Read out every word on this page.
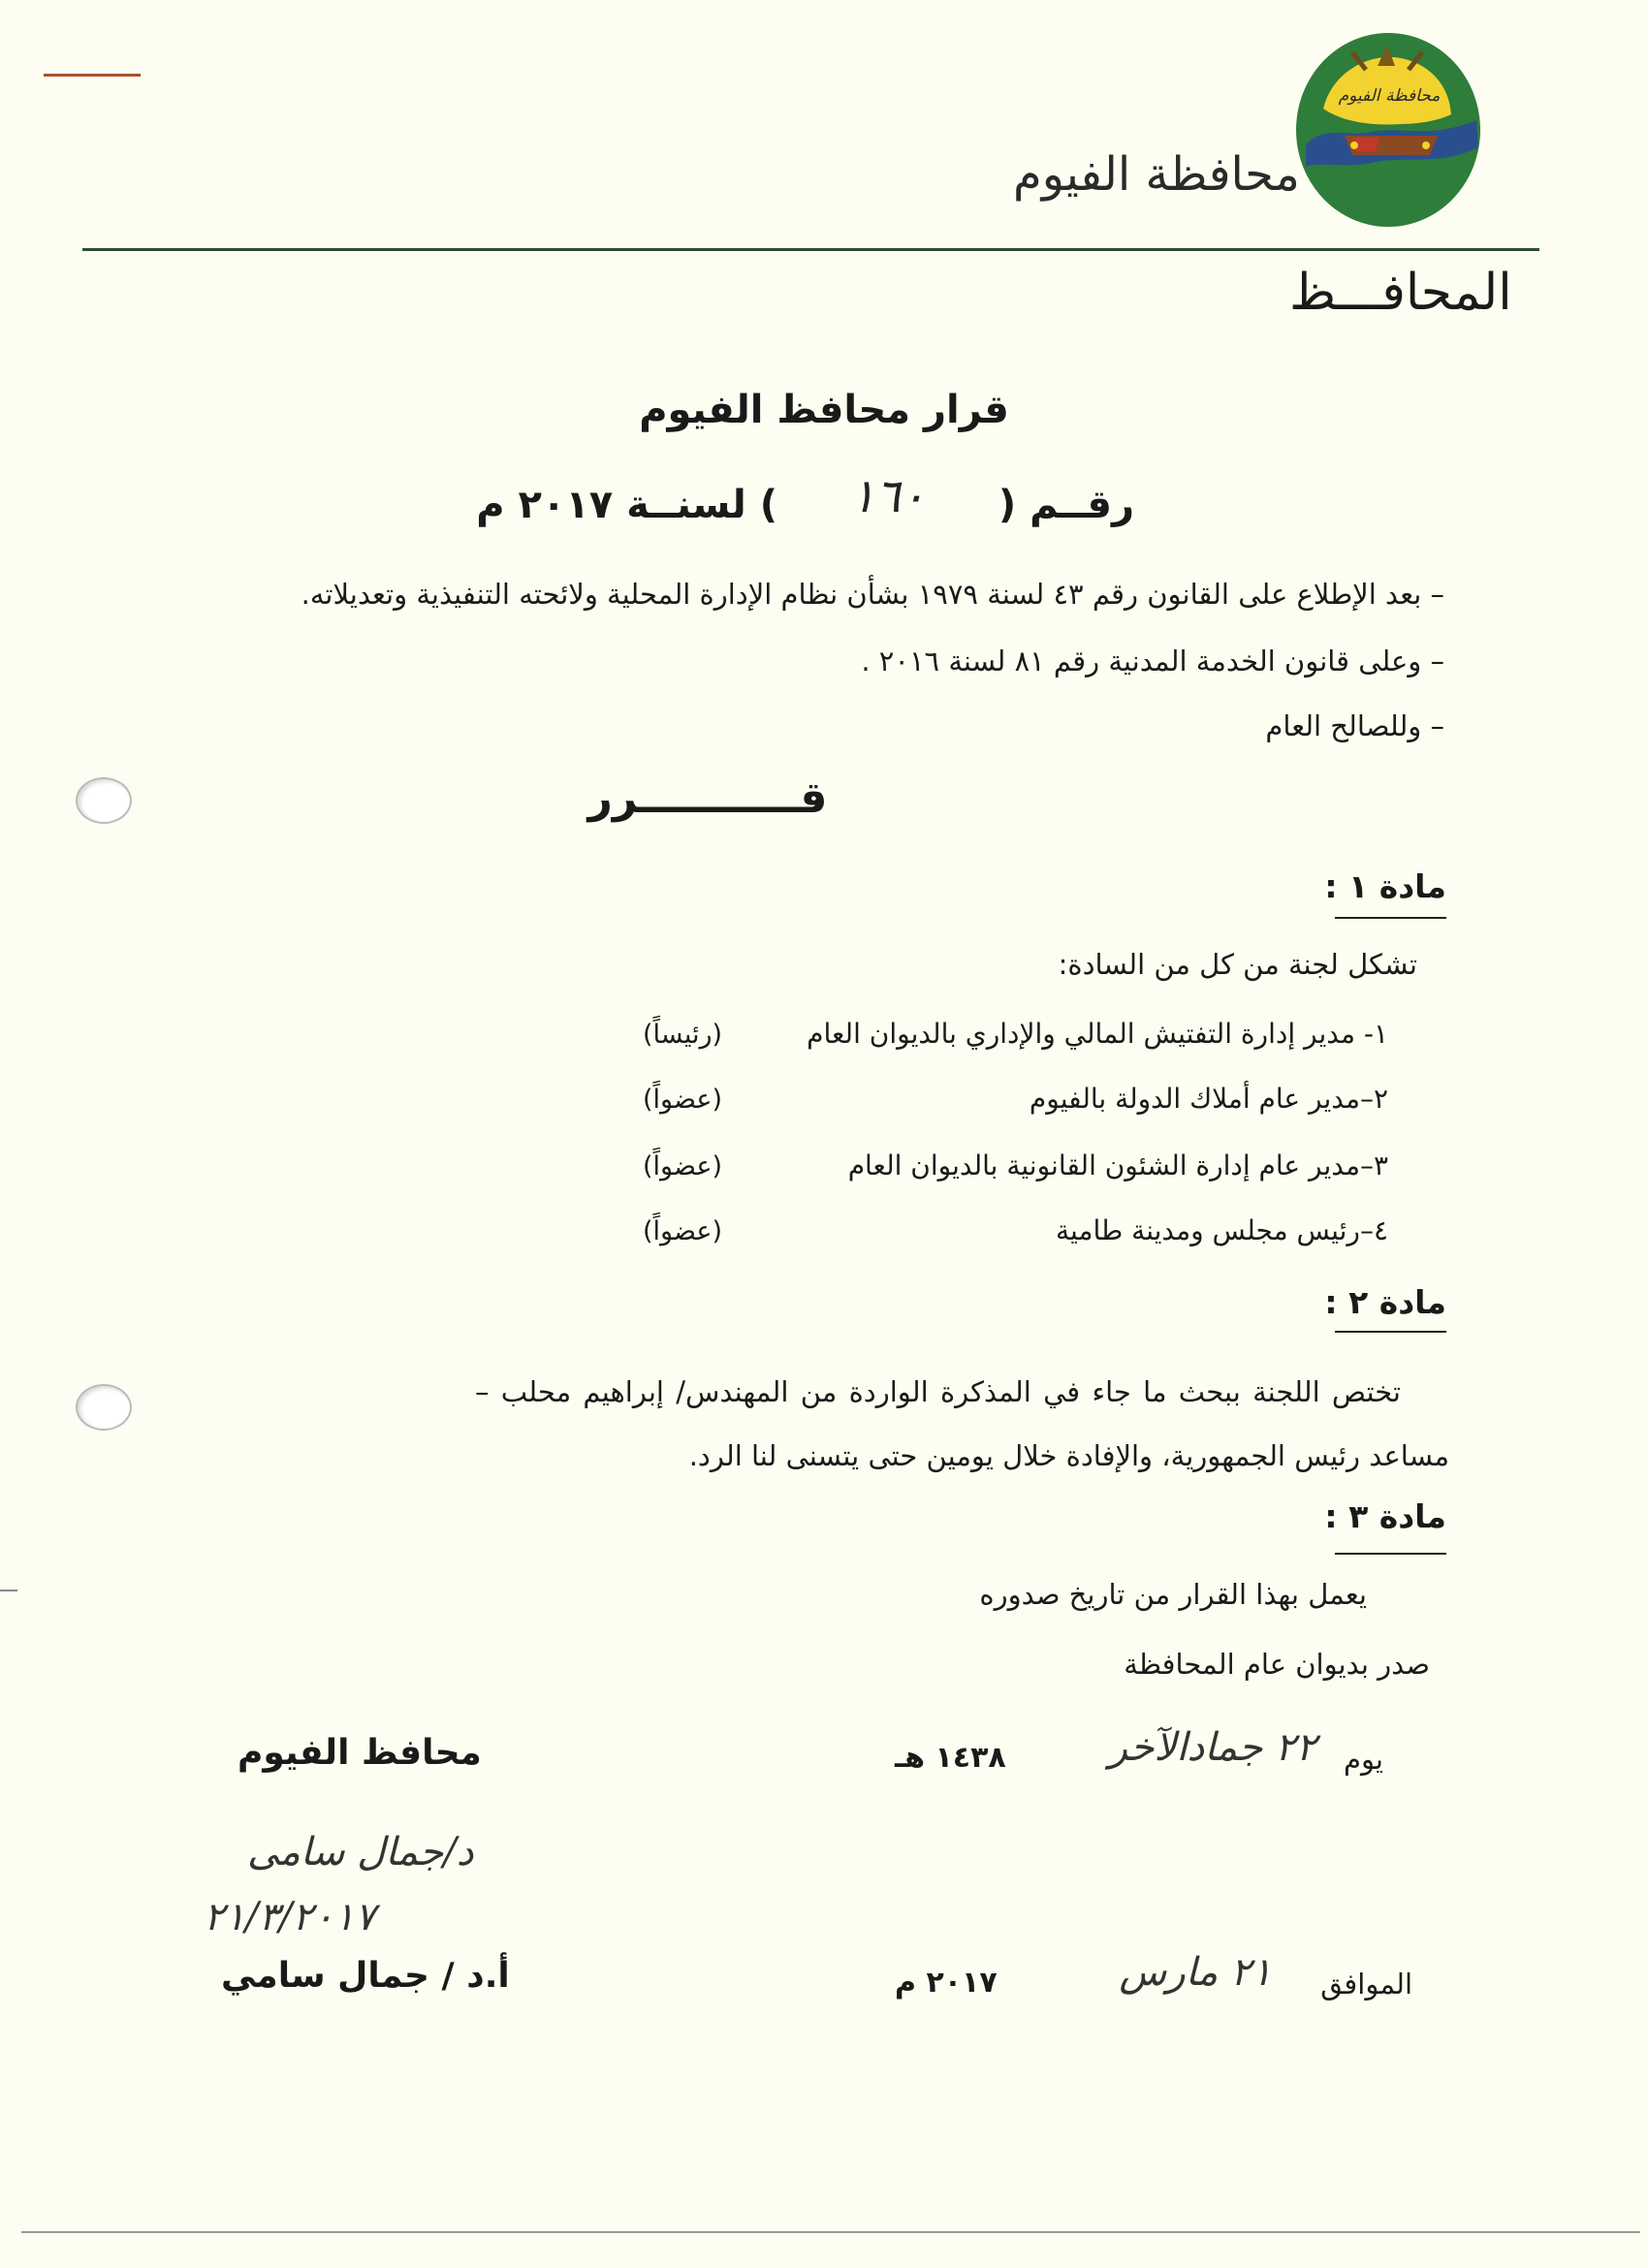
محافظة الفيوم
محافظة الفيوم
المحافـــظ
قرار محافظ الفيوم
رقــم ( ١٦٠ ) لسنــة ٢٠١٧ م
– بعد الإطلاع على القانون رقم ٤٣ لسنة ١٩٧٩ بشأن نظام الإدارة المحلية ولائحته التنفيذية وتعديلاته.
– وعلى قانون الخدمة المدنية رقم ٨١ لسنة ٢٠١٦ .
– وللصالح العام
قـــــــــــرر
مادة ١ :
تشكل لجنة من كل من السادة:
١- مدير إدارة التفتيش المالي والإداري بالديوان العام
(رئيساً)
٢–مدير عام أملاك الدولة بالفيوم
(عضواً)
٣–مدير عام إدارة الشئون القانونية بالديوان العام
(عضواً)
٤–رئيس مجلس ومدينة طامية
(عضواً)
مادة ٢ :
تختص اللجنة ببحث ما جاء في المذكرة الواردة من المهندس/ إبراهيم محلب – مساعد رئيس الجمهورية، والإفادة خلال يومين حتى يتسنى لنا الرد.
مادة ٣ :
يعمل بهذا القرار من تاريخ صدوره
صدر بديوان عام المحافظة
يوم
٢٢ جمادالآخر
١٤٣٨ هـ
الموافق
٢١ مارس
٢٠١٧ م
محافظ الفيوم
د/جمال سامى
٢١/٣/٢٠١٧
أ.د / جمال سامي
